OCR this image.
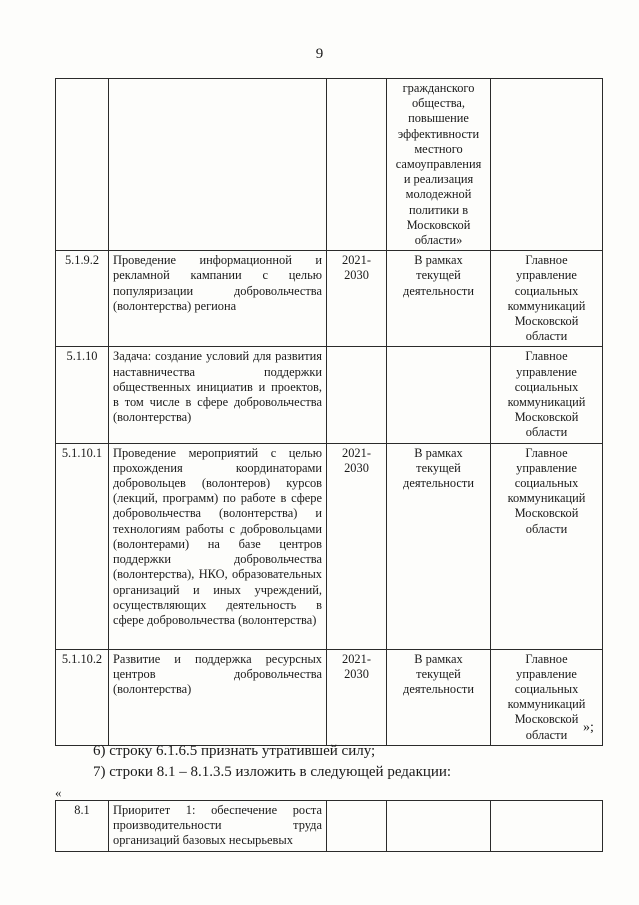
9
			гражданского общества, повышение эффективности местного самоуправления и реализация молодежной политики в Московской области»	
5.1.9.2	Проведение информационной и рекламной кампании с целью популяризации добровольчества (волонтерства) региона	2021-2030	В рамках текущей деятельности	Главное управление социальных коммуникаций Московской области
5.1.10	Задача: создание условий для развития наставничества поддержки общественных инициатив и проектов, в том числе в сфере добровольчества (волонтерства)			Главное управление социальных коммуникаций Московской области
5.1.10.1	Проведение мероприятий с целью прохождения координаторами добровольцев (волонтеров) курсов (лекций, программ) по работе в сфере добровольчества (волонтерства) и технологиям работы с добровольцами (волонтерами) на базе центров поддержки добровольчества (волонтерства), НКО, образовательных организаций и иных учреждений, осуществляющих деятельность в сфере добровольчества (волонтерства)	2021-2030	В рамках текущей деятельности	Главное управление социальных коммуникаций Московской области
5.1.10.2	Развитие и поддержка ресурсных центров добровольчества (волонтерства)	2021-2030	В рамках текущей деятельности	Главное управление социальных коммуникаций Московской области »;
6) строку 6.1.6.5 признать утратившей силу;
7) строки 8.1 – 8.1.3.5 изложить в следующей редакции:
«
8.1	Приоритет 1: обеспечение роста производительности труда организаций базовых несырьевых			
